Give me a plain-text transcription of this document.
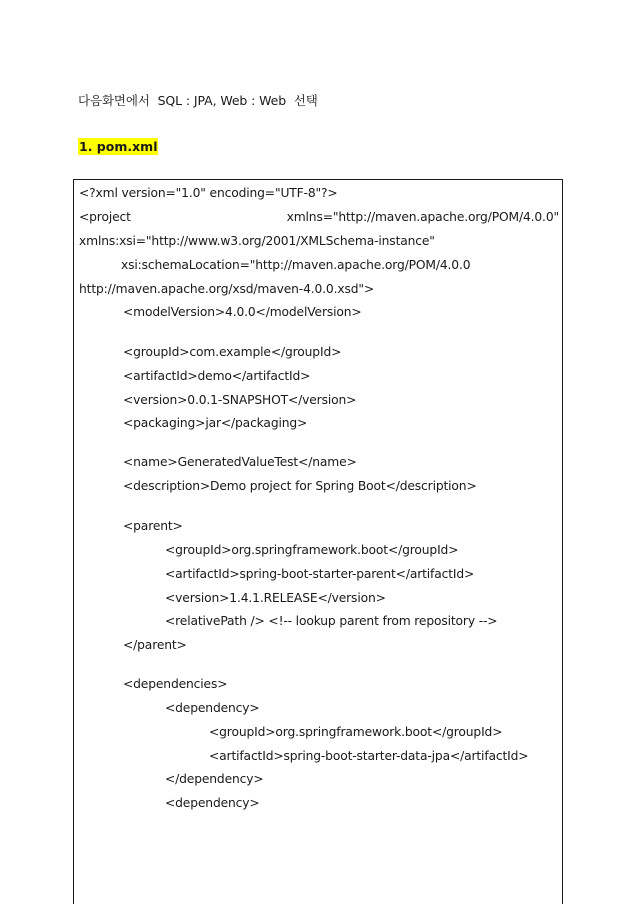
다음화면에서  SQL : JPA, Web : Web  선택
1. pom.xml
<?xml version="1.0" encoding="UTF-8"?>
<project	xmlns="http://maven.apache.org/POM/4.0.0"
xmlns:xsi="http://www.w3.org/2001/XMLSchema-instance"
xsi:schemaLocation="http://maven.apache.org/POM/4.0.0
http://maven.apache.org/xsd/maven-4.0.0.xsd">
<modelVersion>4.0.0</modelVersion>
<groupId>com.example</groupId>
<artifactId>demo</artifactId>
<version>0.0.1-SNAPSHOT</version>
<packaging>jar</packaging>
<name>GeneratedValueTest</name>
<description>Demo project for Spring Boot</description>
<parent>
<groupId>org.springframework.boot</groupId>
<artifactId>spring-boot-starter-parent</artifactId>
<version>1.4.1.RELEASE</version>
<relativePath /> <!-- lookup parent from repository -->
</parent>
<dependencies>
<dependency>
<groupId>org.springframework.boot</groupId>
<artifactId>spring-boot-starter-data-jpa</artifactId>
</dependency>
<dependency>
